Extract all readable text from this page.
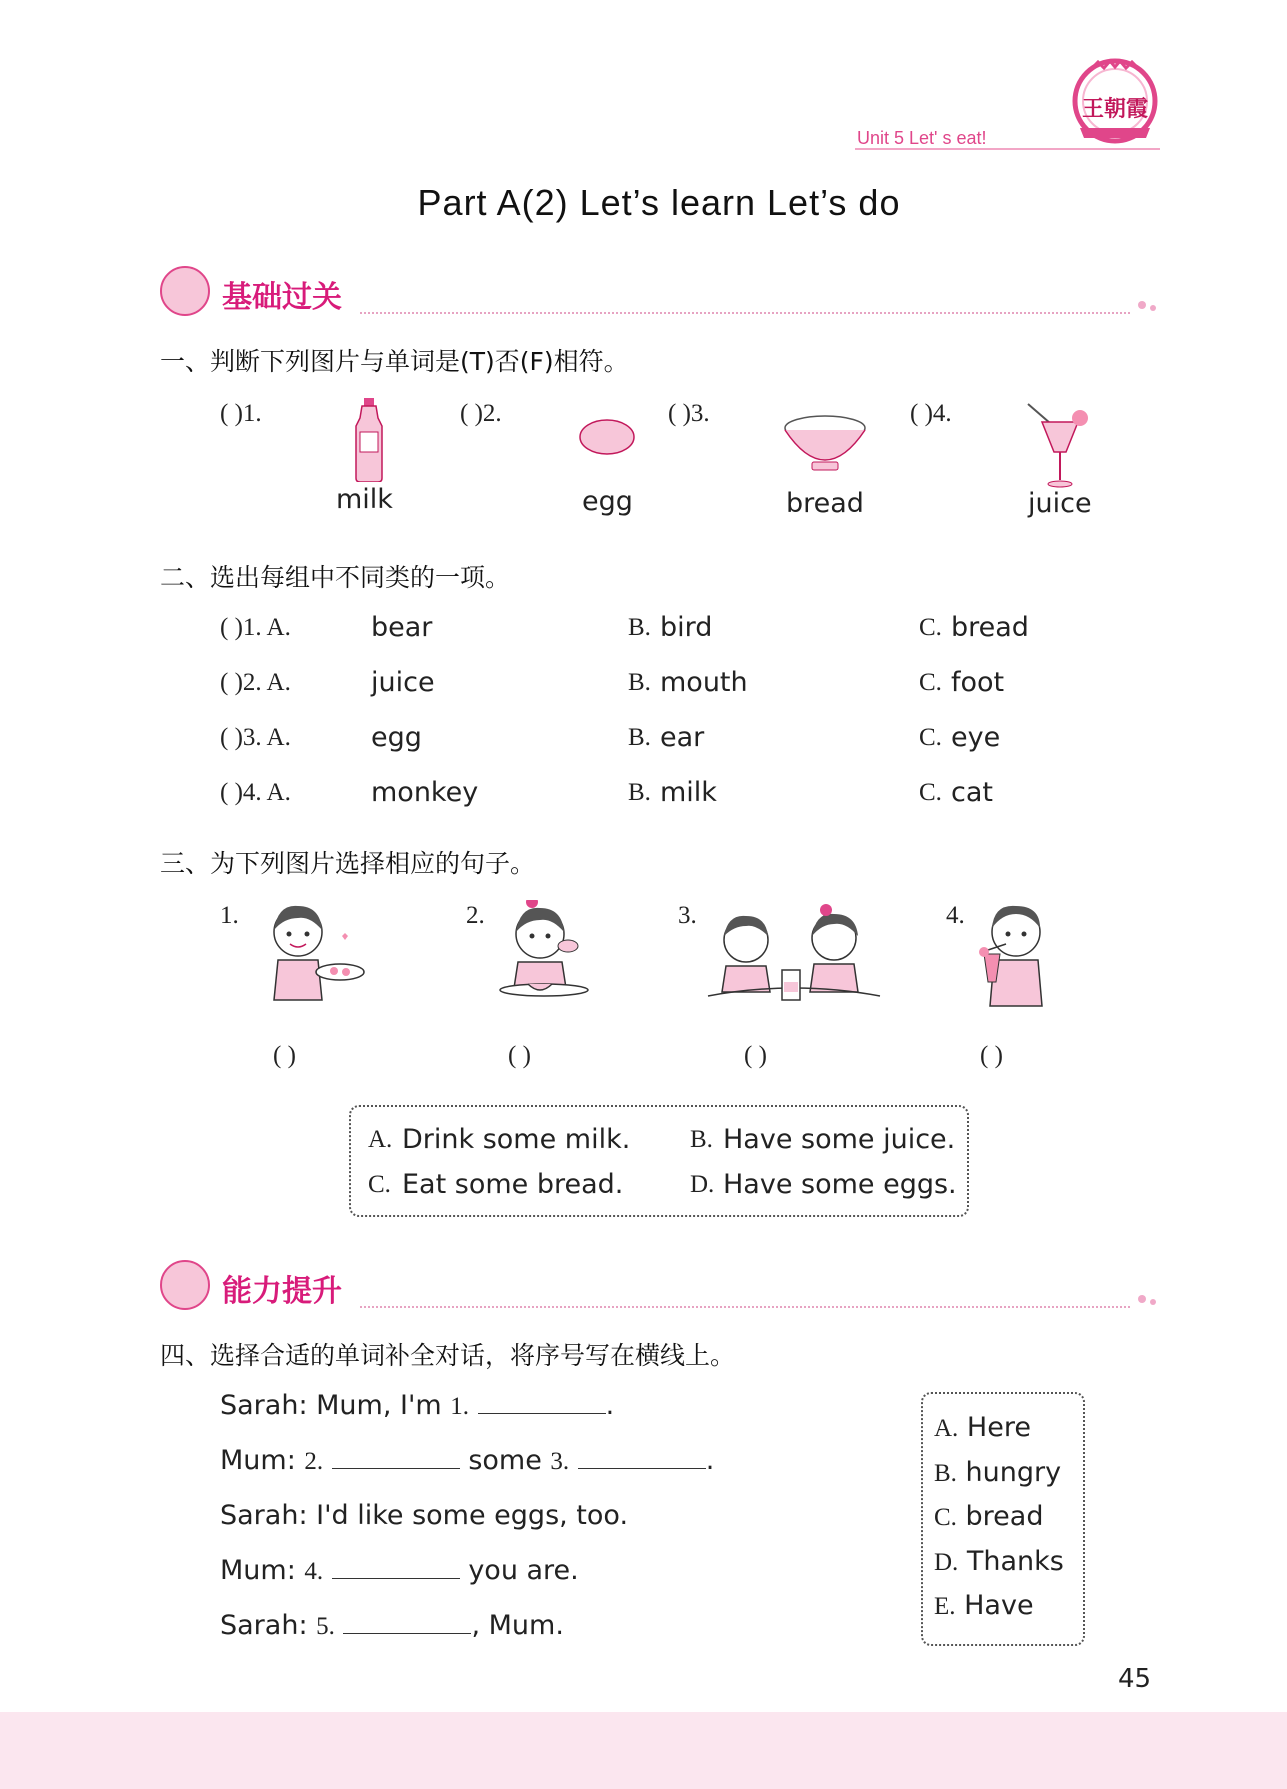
王朝霞
Unit 5 Let' s eat!
Part A(2) Let’s learn Let’s do
基础过关
一、判断下列图片与单词是(T)否(F)相符。
( )1.	( )2.	( )3.	( )4.
milk	egg	bread	juice
二、选出每组中不同类的一项。
( )1. A.	bear	B. bird	C. bread
( )2. A.	juice	B. mouth	C. foot
( )3. A.	egg	B. ear	C. eye
( )4. A.	monkey	B. milk	C. cat
三、为下列图片选择相应的句子。
1.	2.	3.	4.
( )	( )	( )	( )
A. Drink some milk. B. Have some juice.
C. Eat some bread.	D. Have some eggs.
能力提升
四、选择合适的单词补全对话，将序号写在横线上。
Sarah: Mum, I'm 1.	.
Mum: 2.	some 3.	.
Sarah: I'd like some eggs, too.
Mum: 4.	you are.
Sarah: 5.	, Mum.
A. Here
B. hungry
C. bread
D. Thanks
E. Have
45
